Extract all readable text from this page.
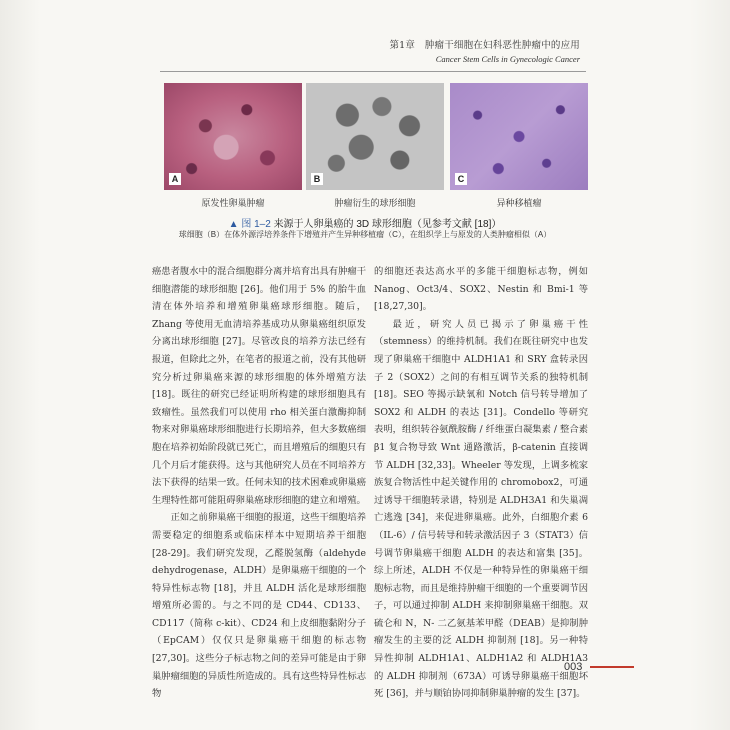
第1章　肿瘤干细胞在妇科恶性肿瘤中的应用
Cancer Stem Cells in Gynecologic Cancer
A	B	C
原发性卵巢肿瘤	肿瘤衍生的球形细胞	异种移植瘤
▲ 图 1–2 来源于人卵巢癌的 3D 球形细胞（见参考文献 [18]）
球细胞（B）在体外源浮培养条件下增殖并产生异种移植瘤（C），在组织学上与原发的人类肿瘤相似（A）

癌患者腹水中的混合细胞群分离并培育出具有肿瘤干细胞潜能的球形细胞 [26]。他们用于 5% 的胎牛血清在体外培养和增殖卵巢癌球形细胞。随后，Zhang 等使用无血清培养基成功从卵巢癌组织原发分离出球形细胞 [27]。尽管改良的培养方法已经有报道，但除此之外，在笔者的报道之前，没有其他研究分析过卵巢癌来源的球形细胞的体外增殖方法 [18]。既往的研究已经证明所构建的球形细胞具有致瘤性。虽然我们可以使用 rho 相关蛋白激酶抑制物来对卵巢癌球形细胞进行长期培养，但大多数癌细胞在培养初始阶段就已死亡，而且增殖后的细胞只有几个月后才能获得。这与其他研究人员在不同培养方法下获得的结果一致。任何未知的技术困难或卵巢癌生理特性都可能阻碍卵巢癌球形细胞的建立和增殖。

正如之前卵巢癌干细胞的报道，这些干细胞培养需要稳定的细胞系或临床样本中短期培养干细胞 [28-29]。我们研究发现，乙醛脱氢酶（aldehyde dehydrogenase，ALDH）是卵巢癌干细胞的一个特异性标志物 [18]，并且 ALDH 活化是球形细胞增殖所必需的。与之不同的是 CD44、CD133、CD117（简称 c-kit）、CD24 和上皮细胞黏附分子（EpCAM）仅仅只是卵巢癌干细胞的标志物 [27,30]。这些分子标志物之间的差异可能是由于卵巢肿瘤细胞的异质性所造成的。具有这些特异性标志物

的细胞还表达高水平的多能干细胞标志物，例如 Nanog、Oct3/4、SOX2、Nestin 和 Bmi-1 等 [18,27,30]。

最近，研究人员已揭示了卵巢癌干性（stemness）的维持机制。我们在既往研究中也发现了卵巢癌干细胞中 ALDH1A1 和 SRY 盒转录因子 2（SOX2）之间的有相互调节关系的独特机制 [18]。SEO 等揭示缺氧和 Notch 信号转导增加了 SOX2 和 ALDH 的表达 [31]。Condello 等研究表明，组织转谷氨酰胺酶 / 纤维蛋白凝集素 / 整合素 β1 复合物导致 Wnt 通路激活，β-catenin 直接调节 ALDH [32,33]。Wheeler 等发现，上调多梳家族复合物活性中起关键作用的 chromobox2，可通过诱导干细胞转录谱，特别是 ALDH3A1 和失巢凋亡逃逸 [34]，来促进卵巢癌。此外，白细胞介素 6（IL-6）/ 信号转导和转录激活因子 3（STAT3）信号调节卵巢癌干细胞 ALDH 的表达和富集 [35]。综上所述，ALDH 不仅是一种特异性的卵巢癌干细胞标志物，而且是维持肿瘤干细胞的一个重要调节因子，可以通过抑制 ALDH 来抑制卵巢癌干细胞。双硫仑和 N，N- 二乙氨基苯甲醛（DEAB）是抑制肿瘤发生的主要的泛 ALDH 抑制剂 [18]。另一种特异性抑制 ALDH1A1、ALDH1A2 和 ALDH1A3 的 ALDH 抑制剂（673A）可诱导卵巢癌干细胞坏死 [36]，并与顺铂协同抑制卵巢肿瘤的发生 [37]。

003
